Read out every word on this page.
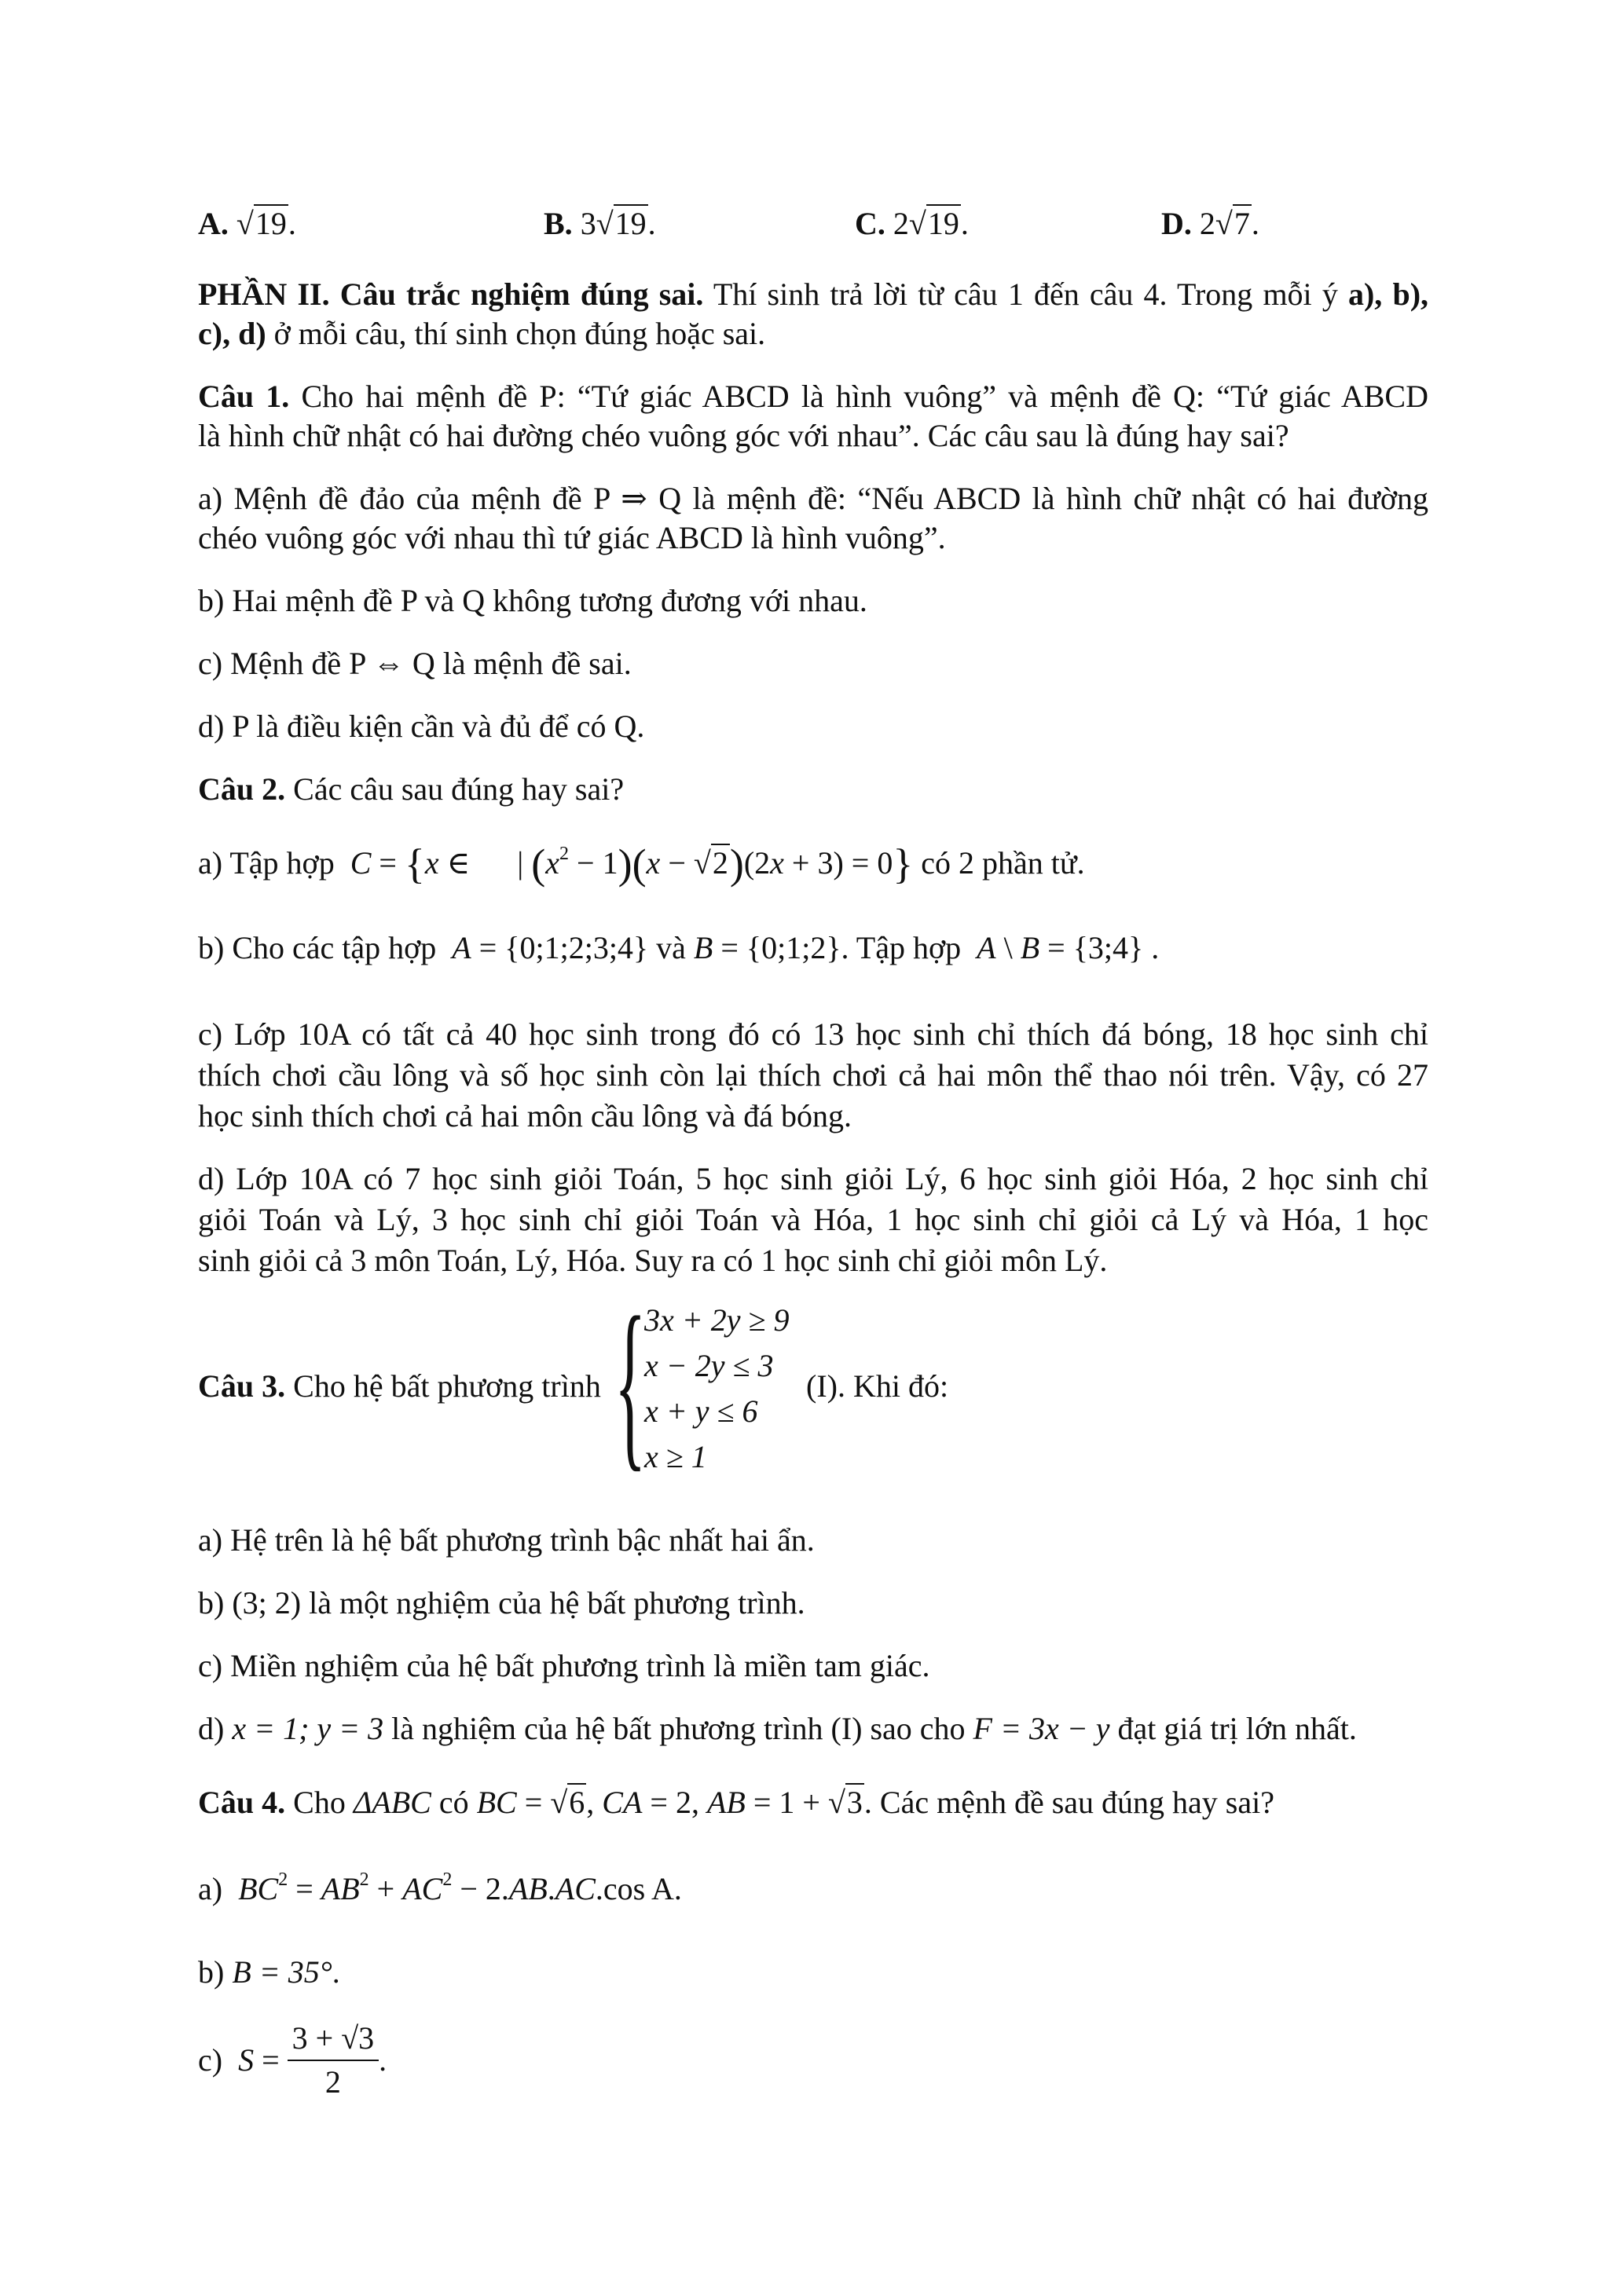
A. √19.	B. 3√19.	C. 2√19.	D. 2√7.
PHẦN II. Câu trắc nghiệm đúng sai. Thí sinh trả lời từ câu 1 đến câu 4. Trong mỗi ý a), b),
c), d) ở mỗi câu, thí sinh chọn đúng hoặc sai.
Câu 1. Cho hai mệnh đề P: “Tứ giác ABCD là hình vuông” và mệnh đề Q: “Tứ giác ABCD
là hình chữ nhật có hai đường chéo vuông góc với nhau”. Các câu sau là đúng hay sai?
a) Mệnh đề đảo của mệnh đề P ⇒ Q là mệnh đề: “Nếu ABCD là hình chữ nhật có hai đường
chéo vuông góc với nhau thì tứ giác ABCD là hình vuông”.
b) Hai mệnh đề P và Q không tương đương với nhau.
c) Mệnh đề P ⇔ Q là mệnh đề sai.
d) P là điều kiện cần và đủ để có Q.
Câu 2. Các câu sau đúng hay sai?
a) Tập hợp  C = {x ∈      | $(x^2 - 1)(x - √2)(2x + 3) = 0$} có 2 phần tử.
b) Cho các tập hợp  A = {0;1;2;3;4} và B = {0;1;2}. Tập hợp  A \ B = {3;4} .
c) Lớp 10A có tất cả 40 học sinh trong đó có 13 học sinh chỉ thích đá bóng, 18 học sinh chỉ
thích chơi cầu lông và số học sinh còn lại thích chơi cả hai môn thể thao nói trên. Vậy, có 27
học sinh thích chơi cả hai môn cầu lông và đá bóng.
d) Lớp 10A có 7 học sinh giỏi Toán, 5 học sinh giỏi Lý, 6 học sinh giỏi Hóa, 2 học sinh chỉ
giỏi Toán và Lý, 3 học sinh chỉ giỏi Toán và Hóa, 1 học sinh chỉ giỏi cả Lý và Hóa, 1 học
sinh giỏi cả 3 môn Toán, Lý, Hóa. Suy ra có 1 học sinh chỉ giỏi môn Lý.
Câu 3. Cho hệ bất phương trình {
3x + 2y ≥ 9
x − 2y ≤ 3
x + y ≤ 6
x ≥ 1
(I). Khi đó:
a) Hệ trên là hệ bất phương trình bậc nhất hai ẩn.
b) (3; 2) là một nghiệm của hệ bất phương trình.
c) Miền nghiệm của hệ bất phương trình là miền tam giác.
d) x = 1; y = 3 là nghiệm của hệ bất phương trình (I) sao cho F = 3x − y đạt giá trị lớn nhất.
Câu 4. Cho ΔABC có BC = √6, CA = 2, AB = 1 + √3. Các mệnh đề sau đúng hay sai?
a)  $BC^2 = AB^2 + AC^2 - 2.AB.AC.\cos$ A.
b) B = 35°.
c)  $S = \frac{3 + √3}{2}$ .
